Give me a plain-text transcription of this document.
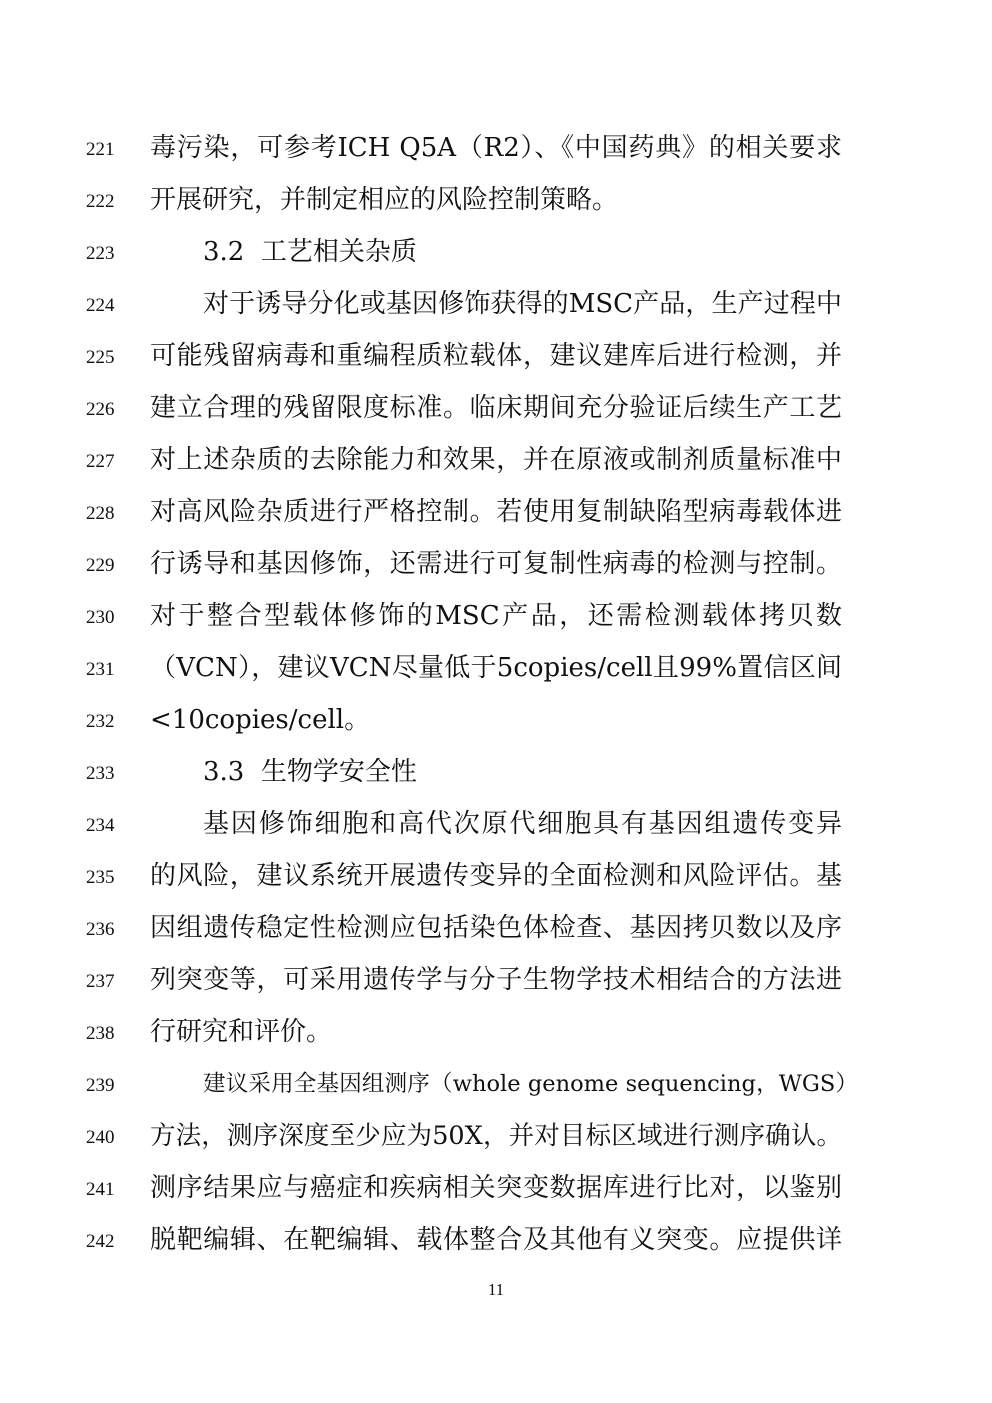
221	毒污染，可参考ICH Q5A（R2）、《中国药典》的相关要求
222	开展研究，并制定相应的风险控制策略。
223	3.2  工艺相关杂质
224	对于诱导分化或基因修饰获得的MSC产品，生产过程中
225	可能残留病毒和重编程质粒载体，建议建库后进行检测，并
226	建立合理的残留限度标准。临床期间充分验证后续生产工艺
227	对上述杂质的去除能力和效果，并在原液或制剂质量标准中
228	对高风险杂质进行严格控制。若使用复制缺陷型病毒载体进
229	行诱导和基因修饰，还需进行可复制性病毒的检测与控制。
230	对于整合型载体修饰的MSC产品，还需检测载体拷贝数
231	（VCN），建议VCN尽量低于5copies/cell且99%置信区间
232	<10copies/cell。
233	3.3  生物学安全性
234	基因修饰细胞和高代次原代细胞具有基因组遗传变异
235	的风险，建议系统开展遗传变异的全面检测和风险评估。基
236	因组遗传稳定性检测应包括染色体检查、基因拷贝数以及序
237	列突变等，可采用遗传学与分子生物学技术相结合的方法进
238	行研究和评价。
239	建议采用全基因组测序（whole genome sequencing，WGS）
240	方法，测序深度至少应为50X，并对目标区域进行测序确认。
241	测序结果应与癌症和疾病相关突变数据库进行比对，以鉴别
242	脱靶编辑、在靶编辑、载体整合及其他有义突变。应提供详
11
